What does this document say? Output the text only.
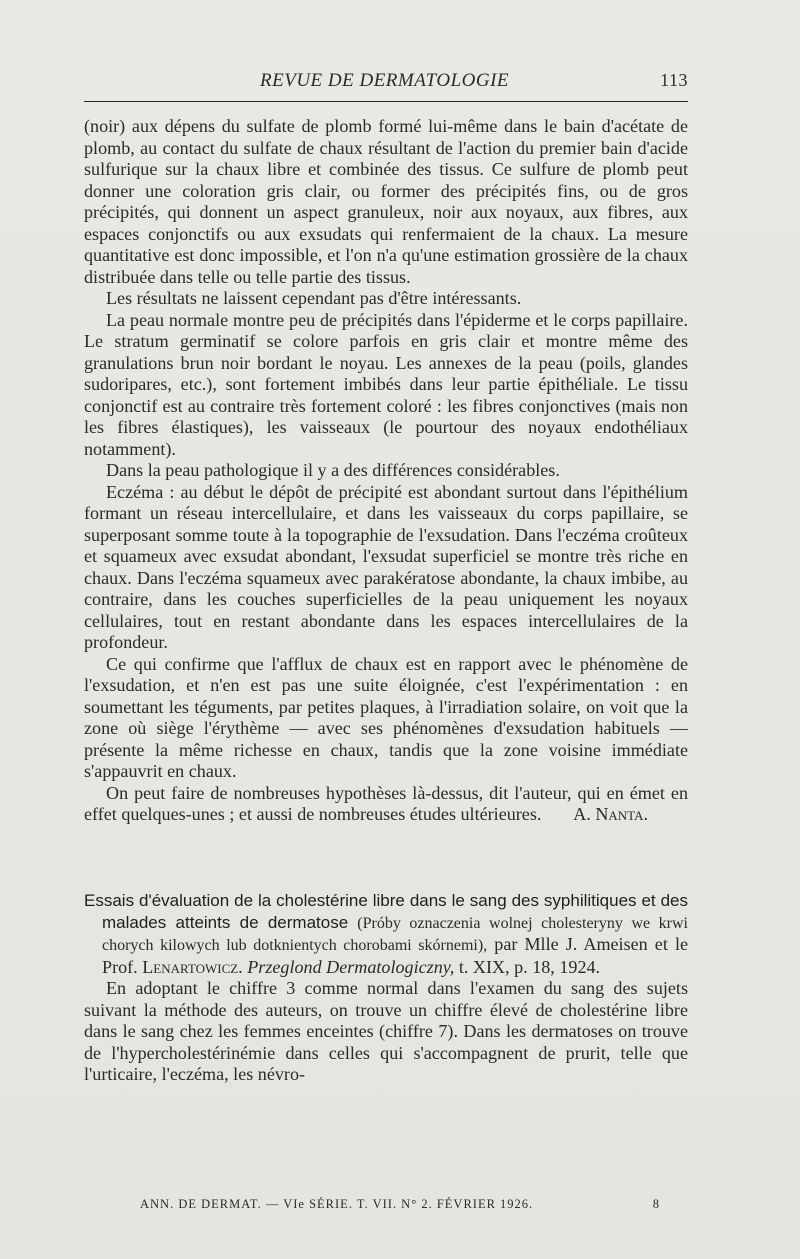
REVUE DE DERMATOLOGIE	113

(noir) aux dépens du sulfate de plomb formé lui-même dans le bain d'acétate de plomb, au contact du sulfate de chaux résultant de l'action du premier bain d'acide sulfurique sur la chaux libre et combinée des tissus. Ce sulfure de plomb peut donner une coloration gris clair, ou former des précipités fins, ou de gros précipités, qui donnent un aspect granuleux, noir aux noyaux, aux fibres, aux espaces conjonctifs ou aux exsudats qui renfermaient de la chaux. La mesure quantitative est donc impossible, et l'on n'a qu'une estimation grossière de la chaux distribuée dans telle ou telle partie des tissus.

Les résultats ne laissent cependant pas d'être intéressants.

La peau normale montre peu de précipités dans l'épiderme et le corps papillaire. Le stratum germinatif se colore parfois en gris clair et montre même des granulations brun noir bordant le noyau. Les annexes de la peau (poils, glandes sudoripares, etc.), sont fortement imbibés dans leur partie épithéliale. Le tissu conjonctif est au contraire très fortement coloré : les fibres conjonctives (mais non les fibres élastiques), les vaisseaux (le pourtour des noyaux endothéliaux notamment).

Dans la peau pathologique il y a des différences considérables.

Eczéma : au début le dépôt de précipité est abondant surtout dans l'épithélium formant un réseau intercellulaire, et dans les vaisseaux du corps papillaire, se superposant somme toute à la topographie de l'exsudation. Dans l'eczéma croûteux et squameux avec exsudat abondant, l'exsudat superficiel se montre très riche en chaux. Dans l'eczéma squameux avec parakératose abondante, la chaux imbibe, au contraire, dans les couches superficielles de la peau uniquement les noyaux cellulaires, tout en restant abondante dans les espaces intercellulaires de la profondeur.

Ce qui confirme que l'afflux de chaux est en rapport avec le phénomène de l'exsudation, et n'en est pas une suite éloignée, c'est l'expérimentation : en soumettant les téguments, par petites plaques, à l'irradiation solaire, on voit que la zone où siège l'érythème — avec ses phénomènes d'exsudation habituels — présente la même richesse en chaux, tandis que la zone voisine immédiate s'appauvrit en chaux.

On peut faire de nombreuses hypothèses là-dessus, dit l'auteur, qui en émet en effet quelques-unes ; et aussi de nombreuses études ultérieures.	A. Nanta.

Essais d'évaluation de la cholestérine libre dans le sang des syphilitiques et des malades atteints de dermatose (Próby oznaczenia wolnej cholesteryny we krwi chorych kilowych lub dotknientych chorobami skórnemi), par Mlle J. Ameisen et le Prof. Lenartowicz. Przeglond Dermatologiczny, t. XIX, p. 18, 1924.

En adoptant le chiffre 3 comme normal dans l'examen du sang des sujets suivant la méthode des auteurs, on trouve un chiffre élevé de cholestérine libre dans le sang chez les femmes enceintes (chiffre 7). Dans les dermatoses on trouve de l'hypercholestérinémie dans celles qui s'accompagnent de prurit, telle que l'urticaire, l'eczéma, les névro-

ANN. DE DERMAT. — VIe SÉRIE. T. VII. N° 2. FÉVRIER 1926.	8
